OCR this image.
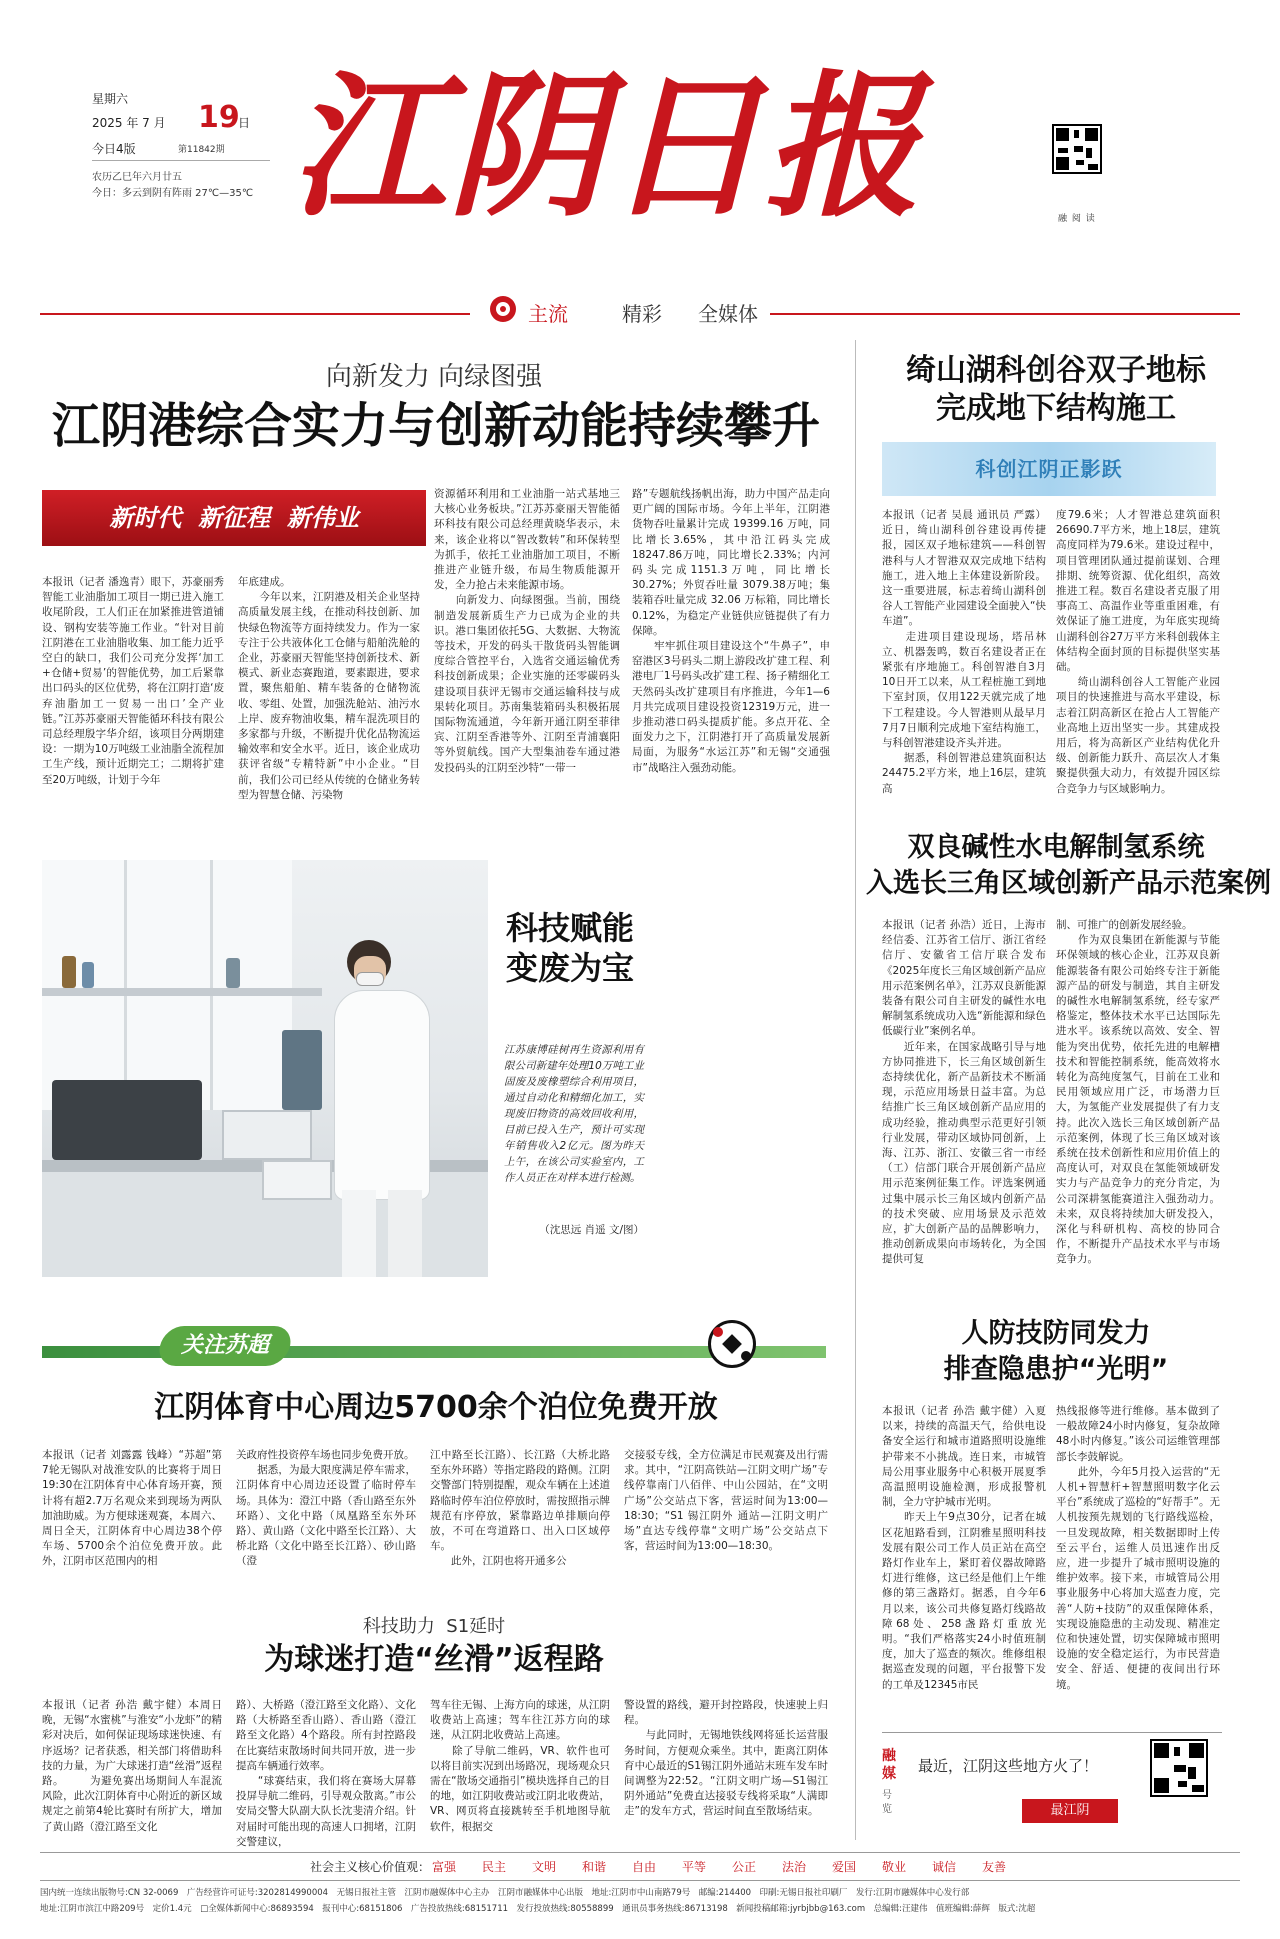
星期六
2025 年 7 月 19
日
今日4版	第11842期
农历乙巳年六月廿五
今日：多云到阴有阵雨 27℃—35℃ 江阴日报	融 阅 读
主流	精彩 全媒体
向新发力 向绿图强
江阴港综合实力与创新动能持续攀升
新时代  新征程  新伟业
本报讯（记者 潘逸青）眼下，苏豪丽秀智能工业油脂加工项目一期已进入施工收尾阶段，工人们正在加紧推进管道铺设、钢构安装等施工作业。“针对目前江阴港在工业油脂收集、加工能力近乎空白的缺口，我们公司充分发挥‘加工+仓储+贸易’的智能优势，加工后紧靠出口码头的区位优势，将在江阴打造‘废弃油脂加工一贸易一出口’全产业链。”江苏苏豪丽天智能循环科技有限公司总经理殷字华介绍，该项目分两期建设：一期为10万吨级工业油脂全流程加工生产线，预计近期完工；二期将扩建至20万吨级，计划于今年
年底建成。
　　今年以来，江阴港及相关企业坚持高质量发展主线，在推动科技创新、加快绿色物流等方面持续发力。作为一家专注于公共液体化工仓储与船舶洗舱的企业，苏豪丽天智能坚持创新技术、新模式、新业态赛跑道，要素跟进，要求置，聚焦船舶、精车装备的仓储物流收、零组、处置，加强洗舱站、油污水上岸、废弃物油收集，精车混洗项目的多家都与升级，不断提升优化品物流运输效率和安全水平。近日，该企业成功获评省级“专精特新”中小企业。“目前，我们公司已经从传统的仓储业务转型为智慧仓储、污染物
资源循环利用和工业油脂一站式基地三大核心业务板块。”江苏苏豪丽天智能循环科技有限公司总经理黄晓华表示，未来，该企业将以“智改数转”和环保转型为抓手，依托工业油脂加工项目，不断推进产业链升级，布局生物质能源开发，全力抢占未来能源市场。
　　向新发力、向绿图强。当前，围绕制造发展新质生产力已成为企业的共识。港口集团依托5G、大数据、大物流等技术，开发的码头干散货码头智能调度综合管控平台，入选省交通运输优秀科技创新成果；企业实施的还零碳码头建设项目获评无锡市交通运输科技与成果转化项目。苏南集装箱码头积极拓展国际物流通道，今年新开通江阴至菲律宾、江阴至香港等外、江阴至青浦襄阳等外贸航线。国产大型集油卷车通过港发投码头的江阴至沙特“一带一
路”专题航线扬帆出海，助力中国产品走向更广阔的国际市场。今年上半年，江阴港货物吞吐量累计完成 19399.16 万吨，同比增长3.65%，其中沿江码头完成 18247.86万吨，同比增长2.33%；内河码头完成1151.3万吨，同比增长30.27%；外贸吞吐量 3079.38万吨；集装箱吞吐量完成 32.06 万标箱，同比增长0.12%，为稳定产业链供应链提供了有力保障。
　　牢牢抓住项目建设这个“牛鼻子”，申窑港区3号码头二期上游段改扩建工程、利港电厂1号码头改扩建工程、扬子精细化工天然码头改扩建项目有序推进，今年1—6月共完成项目建设投资12319万元，进一步推动港口码头提质扩能。多点开花、全面发力之下，江阴港打开了高质量发展新局面，为服务“水运江苏”和无锡“交通强市”战略注入强劲动能。
科技赋能
变废为宝
江苏康博硅树再生资源利用有限公司新建年处理10万吨工业固废及废橡塑综合利用项目，通过自动化和精细化加工，实现废旧物资的高效回收利用，目前已投入生产，预计可实现年销售收入2亿元。图为昨天上午，在该公司实验室内，工作人员正在对样本进行检测。
（沈思远 肖遥 文/图）
绮山湖科创谷双子地标
完成地下结构施工
科创江阴正影跃
本报讯（记者 吴晨 通讯员 严露）近日，绮山湖科创谷建设再传捷报，园区双子地标建筑——科创智港科与人才智港双双完成地下结构施工，进入地上主体建设新阶段。这一重要进展，标志着绮山湖科创谷人工智能产业园建设全面驶入“快车道”。
　　走进项目建设现场，塔吊林立、机器轰鸣，数百名建设者正在紧张有序地施工。科创智港自3月10日开工以来，从工程桩施工到地下室封顶，仅用122天就完成了地下工程建设。今人智港则从最早月 7月7日顺利完成地下室结构施工，与科创智港建设齐头并进。
　　据悉，科创智港总建筑面积达24475.2平方米，地上16层，建筑高
度79.6米；人才智港总建筑面积26690.7平方米，地上18层，建筑高度同样为79.6米。建设过程中，项目管理团队通过提前谋划、合理排期、统筹资源、优化组织，高效推进工程。数百名建设者克服了用事高工、高温作业等重重困难，有效保证了施工进度，为年底实现绮山湖科创谷27万平方米科创载体主体结构全面封顶的目标提供坚实基础。
　　绮山湖科创谷人工智能产业园项目的快速推进与高水平建设，标志着江阴高新区在抢占人工智能产业高地上迈出坚实一步。其建成投用后，将为高新区产业结构优化升级、创新能力跃升、高层次人才集聚提供强大动力，有效提升园区综合竞争力与区域影响力。
双良碱性水电解制氢系统
入选长三角区域创新产品示范案例
本报讯（记者 孙浩）近日，上海市经信委、江苏省工信厅、浙江省经信厅、安徽省工信厅联合发布《2025年度长三角区域创新产品应用示范案例名单》，江苏双良新能源装备有限公司自主研发的碱性水电解制氢系统成功入选“新能源和绿色低碳行业”案例名单。
　　近年来，在国家战略引导与地方协同推进下，长三角区域创新生态持续优化，新产品新技术不断涌现，示范应用场景日益丰富。为总结推广长三角区域创新产品应用的成功经验，推动典型示范更好引领行业发展，带动区域协同创新，上海、江苏、浙江、安徽三省一市经（工）信部门联合开展创新产品应用示范案例征集工作。评选案例通过集中展示长三角区域内创新产品的技术突破、应用场景及示范效应，扩大创新产品的品牌影响力，推动创新成果向市场转化，为全国提供可复
制、可推广的创新发展经验。
　　作为双良集团在新能源与节能环保领域的核心企业，江苏双良新能源装备有限公司始终专注于新能源产品的研发与制造，其自主研发的碱性水电解制氢系统，经专家严格鉴定，整体技术水平已达国际先进水平。该系统以高效、安全、智能为突出优势，依托先进的电解槽技术和智能控制系统，能高效将水转化为高纯度氢气，目前在工业和民用领域应用广泛，市场潜力巨大，为氢能产业发展提供了有力支持。此次入选长三角区域创新产品示范案例，体现了长三角区域对该系统在技术创新性和应用价值上的高度认可，对双良在氢能领域研发实力与产品竞争力的充分肯定，为公司深耕氢能赛道注入强劲动力。未来，双良将持续加大研发投入，深化与科研机构、高校的协同合作，不断提升产品技术水平与市场竞争力。
关注苏超
江阴体育中心周边5700余个泊位免费开放
本报讯（记者 刘露露 钱峰）“苏超”第7轮无锡队对战淮安队的比赛将于周日19:30在江阴体育中心体育场开赛，预计将有超2.7万名观众来到现场为两队加油助威。为方便球迷观赛，本周六、周日全天，江阴体育中心周边38个停车场、5700余个泊位免费开放。此外，江阴市区范围内的相
关政府性投资停车场也同步免费开放。
　　据悉，为最大限度满足停车需求，江阴体育中心周边还设置了临时停车场。具体为：澄江中路（香山路至东外环路）、文化中路（凤凰路至东外环路）、黄山路（文化中路至长江路）、大桥北路（文化中路至长江路）、砂山路（澄
江中路至长江路）、长江路（大桥北路至东外环路）等指定路段的路侧。江阴交警部门特别提醒，观众车辆在上述道路临时停车泊位停放时，需按照指示牌规范有序停放，紧靠路边单排顺向停放，不可在弯道路口、出入口区域停车。
　　此外，江阴也将开通多公
交接驳专线，全方位满足市民观赛及出行需求。其中，“江阴高铁站—江阴文明广场”专线停靠南门八佰伴、中山公园站，在“文明广场”公交站点下客，营运时间为13:00—18:30；“S1 锡江阴外 通站—江阴文明广场”直达专线停靠“文明广场”公交站点下客，营运时间为13:00—18:30。
科技助力  S1延时
为球迷打造“丝滑”返程路
本报讯（记者 孙浩 戴宇健）本周日晚，无锡“水蜜桃”与淮安“小龙虾”的精彩对决后，如何保证现场球迷快速、有序返场？记者获悉，相关部门将借助科技的力量，为广大球迷打造“丝滑”返程路。 　　为避免赛出场期间人车混流风险，此次江阴体育中心附近的新区域规定之前第4轮比赛时有所扩大，增加了黄山路（澄江路至文化
路）、大桥路（澄江路至文化路）、文化路（大桥路至香山路）、香山路（澄江路至文化路）4个路段。所有封控路段在比赛结束散场时间共同开放，进一步提高车辆通行效率。
　　“球赛结束，我们将在赛场大屏幕投屏导航二维码，引导观众散离。”市公安局交警大队副大队长沈斐清介绍。针对届时可能出现的高速人口拥堵，江阴交警建议，
驾车往无锡、上海方向的球迷，从江阴收费站上高速；驾车往江苏方向的球迷，从江阴北收费站上高速。
　　除了导航二维码，VR、软件也可以将目前实况到出场路况，现场观众只需在“散场交通指引”模块选择自己的目的地，如江阴收费站或江阴北收费站，VR、网页将直接跳转至手机地图导航软件，根据交
警设置的路线，避开封控路段，快速驶上归程。
　　与此同时，无锡地铁线网将延长运营服务时间，方便观众乘坐。其中，距离江阴体育中心最近的S1锡江阴外通站末班车发车时间调整为22:52。“江阴文明广场—S1锡江阴外通站”免费直达接驳专线将采取“人满即走”的发车方式，营运时间直至散场结束。
人防技防同发力
排查隐患护“光明”
本报讯（记者 孙浩 戴宇健）入夏以来，持续的高温天气，给供电设备安全运行和城市道路照明设施维护带来不小挑战。连日来，市城管局公用事业服务中心积极开展夏季高温照明设施检测，形成报警机制，全力守护城市光明。
　　昨天上午9点30分，记者在城区花旭路看到，江阴雅星照明科技发展有限公司工作人员正站在高空路灯作业车上，紧盯着仪器故障路灯进行维修，这已经是他们上午维修的第三盏路灯。据悉，自今年6月以来，该公司共修复路灯线路故障68处、258盏路灯重放光明。“我们严格落实24小时值班制度，加大了巡查的频次。维修组根据巡查发现的问题，平台报警下发的工单及12345市民
热线报修等进行维修。基本做到了一般故障24小时内修复，复杂故障48小时内修复。”该公司运维管理部部长李鼓解说。
　　此外，今年5月投入运营的“无人机+智慧杆+智慧照明数字化云平台”系统成了巡检的“好帮手”。无人机按预先规划的飞行路线巡检，一旦发现故障，相关数据即时上传至云平台，运维人员迅速作出反应，进一步提升了城市照明设施的维护效率。接下来，市城管局公用事业服务中心将加大巡查力度，完善“人防+技防”的双重保障体系，实现设施隐患的主动发现、精准定位和快速处置，切实保障城市照明设施的安全稳定运行，为市民营造安全、舒适、便捷的夜间出行环境。
融媒
号 览
最近，江阴这些地方火了！
最江阴
社会主义核心价值观： 富强	民主	文明	和谐	自由	平等	公正	法治	爱国	敬业	诚信	友善
国内统一连续出版物号:CN 32-0069　广告经营许可证号:3202814990004　无锡日报社主管　江阴市融媒体中心主办　江阴市融媒体中心出版　地址:江阴市中山南路79号　邮编:214400　印刷:无锡日报社印刷厂　发行:江阴市融媒体中心发行部
地址:江阴市滨江中路209号　定价1.4元　□全媒体新闻中心:86893594　报刊中心:68151806　广告投放热线:68151711　发行投放热线:80558899　通讯员事务热线:86713198　新闻投稿邮箱:jyrbjbb@163.com　总编辑:汪建伟　值班编辑:薛辉　版式:沈超
